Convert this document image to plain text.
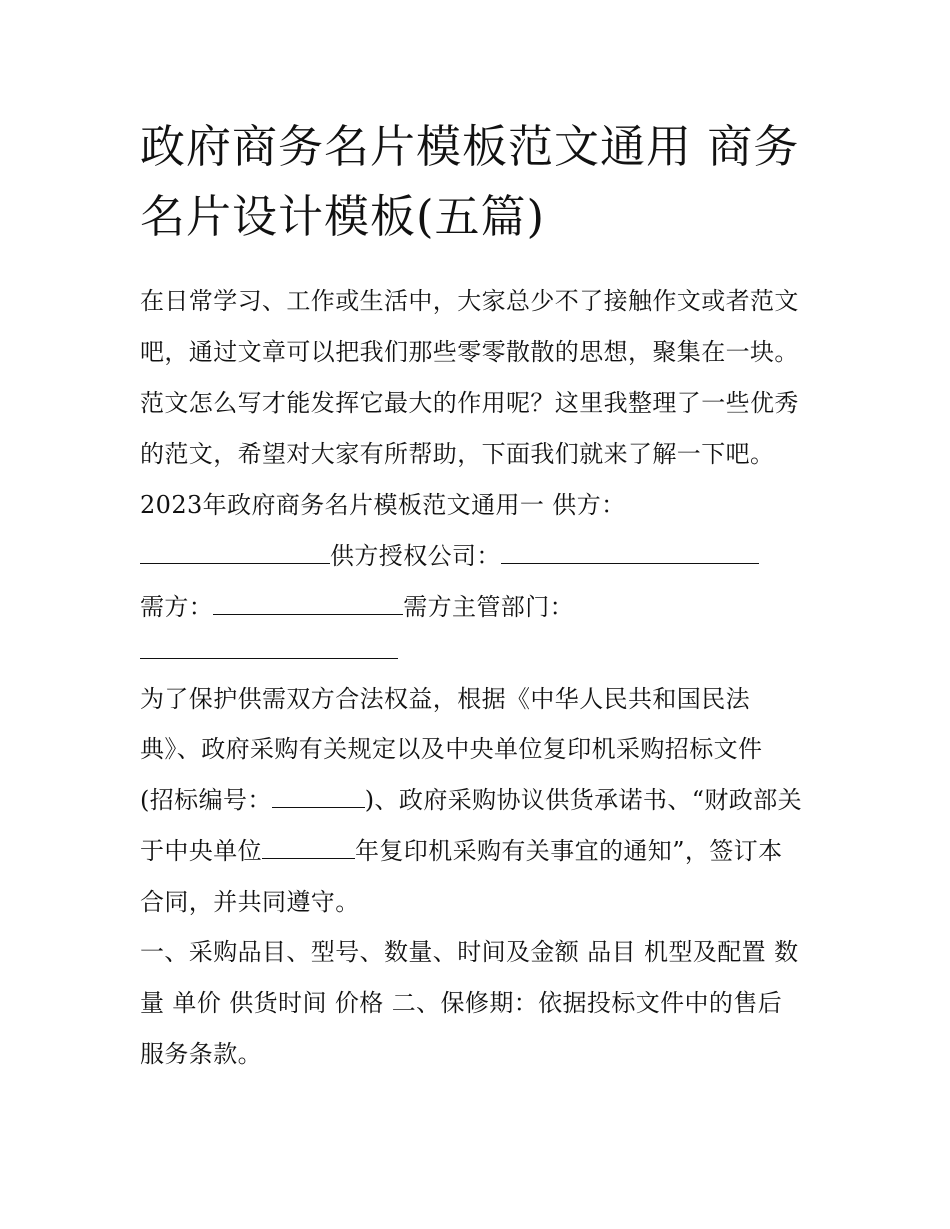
政府商务名片模板范文通用 商务名片设计模板(五篇)

在日常学习、工作或生活中，大家总少不了接触作文或者范文

吧，通过文章可以把我们那些零零散散的思想，聚集在一块。

范文怎么写才能发挥它最大的作用呢？这里我整理了一些优秀

的范文，希望对大家有所帮助，下面我们就来了解一下吧。

2023年政府商务名片模板范文通用一 供方：

供方授权公司：

需方：	需方主管部门：

为了保护供需双方合法权益，根据《中华人民共和国民法

典》、政府采购有关规定以及中央单位复印机采购招标文件

(招标编号：	)、政府采购协议供货承诺书、“财政部关

于中央单位	年复印机采购有关事宜的通知”，签订本

合同，并共同遵守。

一、采购品目、型号、数量、时间及金额 品目 机型及配置 数

量 单价 供货时间 价格 二、保修期：依据投标文件中的售后

服务条款。
